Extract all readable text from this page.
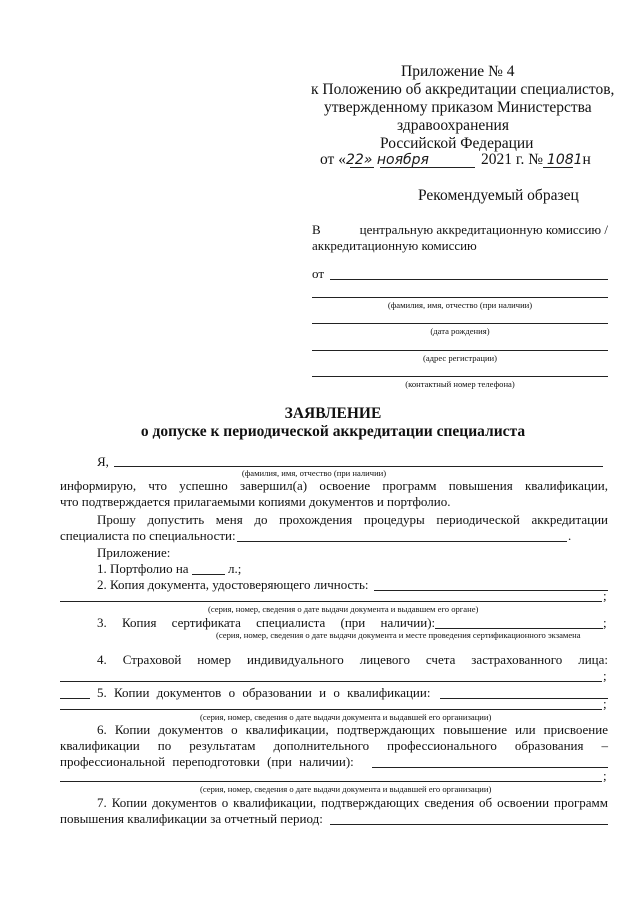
Приложение № 4
к Положению об аккредитации специалистов,
утвержденному приказом Министерства
здравоохранения
Российской Федерации
от «22» ноября	2021 г. № 1081н
Рекомендуемый образец
В	центральную аккредитационную комиссию /
аккредитационную комиссию
от
(фамилия, имя, отчество (при наличии)
(дата рождения)
(адрес регистрации)
(контактный номер телефона)
ЗАЯВЛЕНИЕ
о допуске к периодической аккредитации специалиста
Я,
(фамилия, имя, отчество (при наличии)
информирую, что успешно завершил(а) освоение программ повышения квалификации,
что подтверждается прилагаемыми копиями документов и портфолио.
Прошу допустить меня до прохождения процедуры периодической аккредитации
специалиста по специальности:	.
Приложение:
1. Портфолио на	л.;
2. Копия документа, удостоверяющего личность:
;
(серия, номер, сведения о дате выдачи документа и выдавшем его органе)
3. Копия сертификата специалиста (при наличии):	;
(серия, номер, сведения о дате выдачи документа и месте проведения сертификационного экзамена
4. Страховой номер индивидуального лицевого счета застрахованного лица:
;
5. Копии документов о образовании и о квалификации:
;
(серия, номер, сведения о дате выдачи документа и выдавшей его организации)
6. Копии документов о квалификации, подтверждающих повышение или присвоение
квалификации по результатам дополнительного профессионального образования –
профессиональной переподготовки (при наличии):
;
(серия, номер, сведения о дате выдачи документа и выдавшей его организации)
7. Копии документов о квалификации, подтверждающих сведения об освоении программ
повышения квалификации за отчетный период:
